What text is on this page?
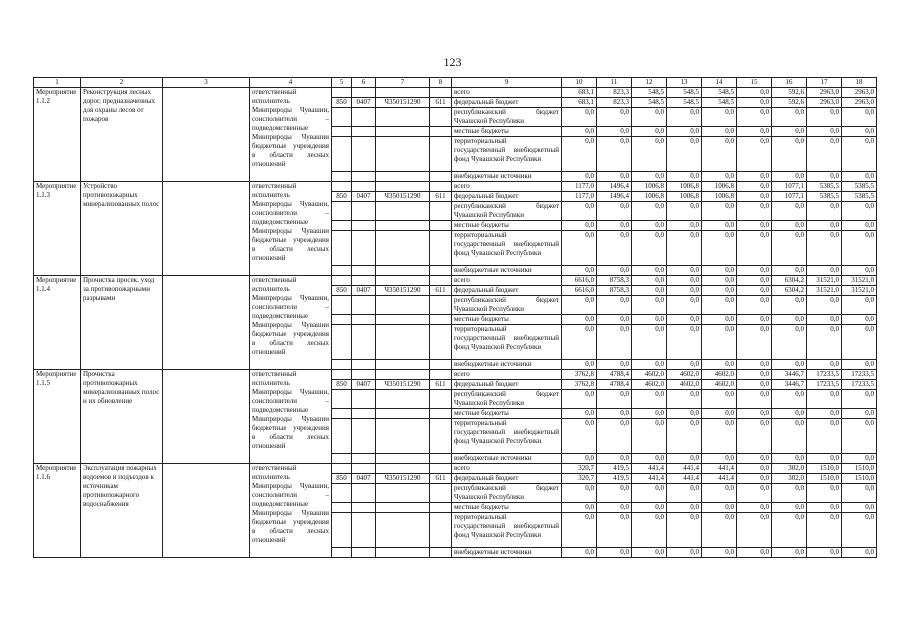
123
1	2	3	4	5	6	7	8	9	10	11	12	13	14	15	16	17	18
Мероприятие 1.1.2	Реконструкция лесных дорог, предназначенных для охраны лесов от пожаров		ответственный исполнитель Минприроды Чувашии, соисполнители – подведомственные Минприроды Чувашии бюджетные учреждения в области лесных отношений					всего	683,1	823,3	548,5	548,5	548,5	0,0	592,6	2963,0	2963,0
				850	0407	Ч350151290	611	федеральный бюджет	683,1	823,3	548,5	548,5	548,5	0,0	592,6	2963,0	2963,0
								республиканский бюджет Чувашской Республики	0,0	0,0	0,0	0,0	0,0	0,0	0,0	0,0	0,0
								местные бюджеты	0,0	0,0	0,0	0,0	0,0	0,0	0,0	0,0	0,0
								территориальный государственный внебюджетный фонд Чувашской Республики	0,0	0,0	0,0	0,0	0,0	0,0	0,0	0,0	0,0
								внебюджетные источники	0,0	0,0	0,0	0,0	0,0	0,0	0,0	0,0	0,0
Мероприятие 1.1.3	Устройство противопожарных минерализованных полос		ответственный исполнитель Минприроды Чувашии, соисполнители – подведомственные Минприроды Чувашии бюджетные учреждения в области лесных отношений					всего	1177,0	1496,4	1006,8	1006,8	1006,8	0,0	1077,1	5385,5	5385,5
				850	0407	Ч350151290	611	федеральный бюджет	1177,0	1496,4	1006,8	1006,8	1006,8	0,0	1077,1	5385,5	5385,5
								республиканский бюджет Чувашской Республики	0,0	0,0	0,0	0,0	0,0	0,0	0,0	0,0	0,0
								местные бюджеты	0,0	0,0	0,0	0,0	0,0	0,0	0,0	0,0	0,0
								территориальный государственный внебюджетный фонд Чувашской Республики	0,0	0,0	0,0	0,0	0,0	0,0	0,0	0,0	0,0
								внебюджетные источники	0,0	0,0	0,0	0,0	0,0	0,0	0,0	0,0	0,0
Мероприятие 1.1.4	Прочистка просек, уход за противопожарными разрывами		ответственный исполнитель Минприроды Чувашии, соисполнители – подведомственные Минприроды Чувашии бюджетные учреждения в области лесных отношений					всего	6616,0	8758,3	0,0	0,0	0,0	0,0	6304,2	31521,0	31521,0
				850	0407	Ч350151290	611	федеральный бюджет	6616,0	8758,3	0,0	0,0	0,0	0,0	6304,2	31521,0	31521,0
								республиканский бюджет Чувашской Республики	0,0	0,0	0,0	0,0	0,0	0,0	0,0	0,0	0,0
								местные бюджеты	0,0	0,0	0,0	0,0	0,0	0,0	0,0	0,0	0,0
								территориальный государственный внебюджетный фонд Чувашской Республики	0,0	0,0	0,0	0,0	0,0	0,0	0,0	0,0	0,0
								внебюджетные источники	0,0	0,0	0,0	0,0	0,0	0,0	0,0	0,0	0,0
Мероприятие 1.1.5	Прочистка противопожарных минерализованных полос и их обновление		ответственный исполнитель Минприроды Чувашии, соисполнители – подведомственные Минприроды Чувашии бюджетные учреждения в области лесных отношений					всего	3762,8	4788,4	4602,0	4602,0	4602,0	0,0	3446,7	17233,5	17233,5
				850	0407	Ч350151290	611	федеральный бюджет	3762,8	4788,4	4602,0	4602,0	4602,0	0,0	3446,7	17233,5	17233,5
								республиканский бюджет Чувашской Республики	0,0	0,0	0,0	0,0	0,0	0,0	0,0	0,0	0,0
								местные бюджеты	0,0	0,0	0,0	0,0	0,0	0,0	0,0	0,0	0,0
								территориальный государственный внебюджетный фонд Чувашской Республики	0,0	0,0	0,0	0,0	0,0	0,0	0,0	0,0	0,0
								внебюджетные источники	0,0	0,0	0,0	0,0	0,0	0,0	0,0	0,0	0,0
Мероприятие 1.1.6	Эксплуатация пожарных водоемов и подъездов к источникам противопожарного водоснабжения		ответственный исполнитель Минприроды Чувашии, соисполнители – подведомственные Минприроды Чувашии бюджетные учреждения в области лесных отношений					всего	320,7	419,5	441,4	441,4	441,4	0,0	302,0	1510,0	1510,0
				850	0407	Ч350151290	611	федеральный бюджет	320,7	419,5	441,4	441,4	441,4	0,0	302,0	1510,0	1510,0
								республиканский бюджет Чувашской Республики	0,0	0,0	0,0	0,0	0,0	0,0	0,0	0,0	0,0
								местные бюджеты	0,0	0,0	0,0	0,0	0,0	0,0	0,0	0,0	0,0
								территориальный государственный внебюджетный фонд Чувашской Республики	0,0	0,0	0,0	0,0	0,0	0,0	0,0	0,0	0,0
								внебюджетные источники	0,0	0,0	0,0	0,0	0,0	0,0	0,0	0,0	0,0
